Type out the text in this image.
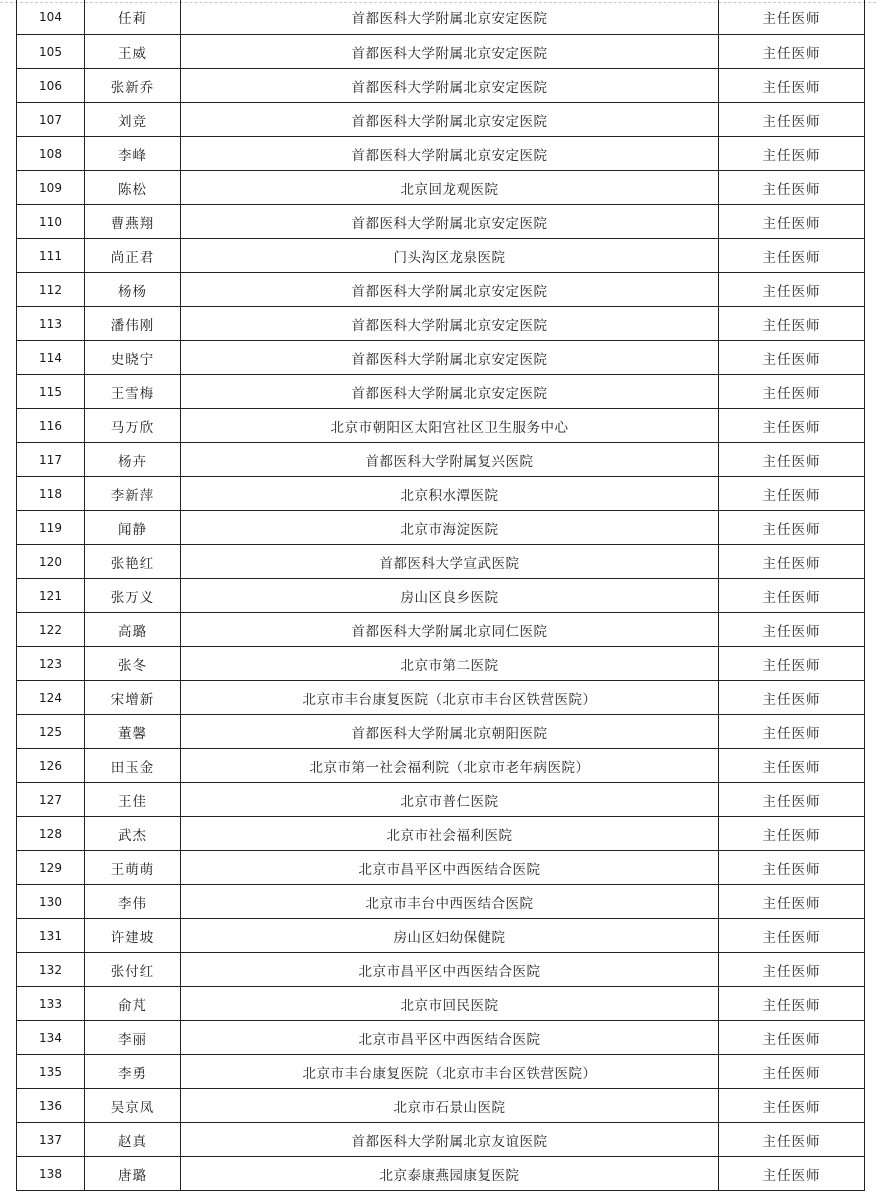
104	任莉	首都医科大学附属北京安定医院	主任医师
105	王威	首都医科大学附属北京安定医院	主任医师
106	张新乔	首都医科大学附属北京安定医院	主任医师
107	刘竞	首都医科大学附属北京安定医院	主任医师
108	李峰	首都医科大学附属北京安定医院	主任医师
109	陈松	北京回龙观医院	主任医师
110	曹燕翔	首都医科大学附属北京安定医院	主任医师
111	尚正君	门头沟区龙泉医院	主任医师
112	杨杨	首都医科大学附属北京安定医院	主任医师
113	潘伟刚	首都医科大学附属北京安定医院	主任医师
114	史晓宁	首都医科大学附属北京安定医院	主任医师
115	王雪梅	首都医科大学附属北京安定医院	主任医师
116	马万欣	北京市朝阳区太阳宫社区卫生服务中心	主任医师
117	杨卉	首都医科大学附属复兴医院	主任医师
118	李新萍	北京积水潭医院	主任医师
119	闻静	北京市海淀医院	主任医师
120	张艳红	首都医科大学宣武医院	主任医师
121	张万义	房山区良乡医院	主任医师
122	高璐	首都医科大学附属北京同仁医院	主任医师
123	张冬	北京市第二医院	主任医师
124	宋增新	北京市丰台康复医院（北京市丰台区铁营医院）	主任医师
125	董馨	首都医科大学附属北京朝阳医院	主任医师
126	田玉金	北京市第一社会福利院（北京市老年病医院）	主任医师
127	王佳	北京市普仁医院	主任医师
128	武杰	北京市社会福利医院	主任医师
129	王萌萌	北京市昌平区中西医结合医院	主任医师
130	李伟	北京市丰台中西医结合医院	主任医师
131	许建坡	房山区妇幼保健院	主任医师
132	张付红	北京市昌平区中西医结合医院	主任医师
133	俞芃	北京市回民医院	主任医师
134	李丽	北京市昌平区中西医结合医院	主任医师
135	李勇	北京市丰台康复医院（北京市丰台区铁营医院）	主任医师
136	吴京凤	北京市石景山医院	主任医师
137	赵真	首都医科大学附属北京友谊医院	主任医师
138	唐璐	北京泰康燕园康复医院	主任医师
